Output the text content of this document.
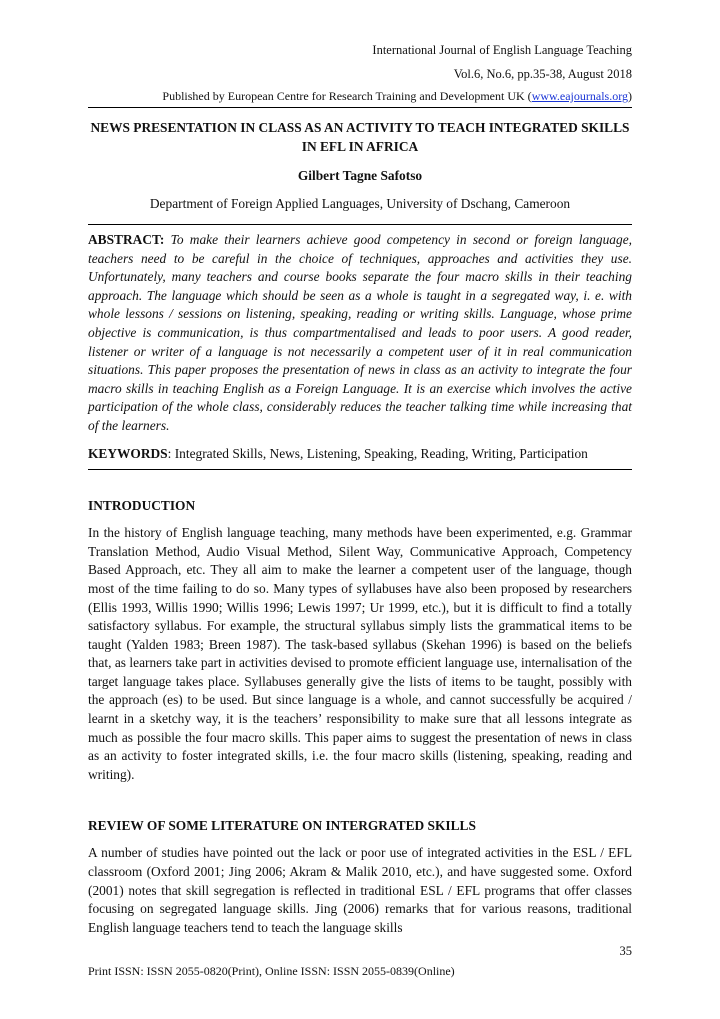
International Journal of English Language Teaching
Vol.6, No.6, pp.35-38, August 2018
Published by European Centre for Research Training and Development UK (www.eajournals.org)
NEWS PRESENTATION IN CLASS AS AN ACTIVITY TO TEACH INTEGRATED SKILLS IN EFL IN AFRICA
Gilbert Tagne Safotso
Department of Foreign Applied Languages, University of Dschang, Cameroon

ABSTRACT: To make their learners achieve good competency in second or foreign language, teachers need to be careful in the choice of techniques, approaches and activities they use. Unfortunately, many teachers and course books separate the four macro skills in their teaching approach. The language which should be seen as a whole is taught in a segregated way, i. e. with whole lessons / sessions on listening, speaking, reading or writing skills. Language, whose prime objective is communication, is thus compartmentalised and leads to poor users. A good reader, listener or writer of a language is not necessarily a competent user of it in real communication situations. This paper proposes the presentation of news in class as an activity to integrate the four macro skills in teaching English as a Foreign Language. It is an exercise which involves the active participation of the whole class, considerably reduces the teacher talking time while increasing that of the learners.

KEYWORDS: Integrated Skills, News, Listening, Speaking, Reading, Writing, Participation
INTRODUCTION

In the history of English language teaching, many methods have been experimented, e.g. Grammar Translation Method, Audio Visual Method, Silent Way, Communicative Approach, Competency Based Approach, etc. They all aim to make the learner a competent user of the language, though most of the time failing to do so. Many types of syllabuses have also been proposed by researchers (Ellis 1993, Willis 1990; Willis 1996; Lewis 1997; Ur 1999, etc.), but it is difficult to find a totally satisfactory syllabus. For example, the structural syllabus simply lists the grammatical items to be taught (Yalden 1983; Breen 1987). The task-based syllabus (Skehan 1996) is based on the beliefs that, as learners take part in activities devised to promote efficient language use, internalisation of the target language takes place. Syllabuses generally give the lists of items to be taught, possibly with the approach (es) to be used. But since language is a whole, and cannot successfully be acquired / learnt in a sketchy way, it is the teachers’ responsibility to make sure that all lessons integrate as much as possible the four macro skills. This paper aims to suggest the presentation of news in class as an activity to foster integrated skills, i.e. the four macro skills (listening, speaking, reading and writing).

REVIEW OF SOME LITERATURE ON INTERGRATED SKILLS

A number of studies have pointed out the lack or poor use of integrated activities in the ESL / EFL classroom (Oxford 2001; Jing 2006; Akram & Malik 2010, etc.), and have suggested some. Oxford (2001) notes that skill segregation is reflected in traditional ESL / EFL programs that offer classes focusing on segregated language skills. Jing (2006) remarks that for various reasons, traditional English language teachers tend to teach the language skills

35
Print ISSN: ISSN 2055-0820(Print), Online ISSN: ISSN 2055-0839(Online)
